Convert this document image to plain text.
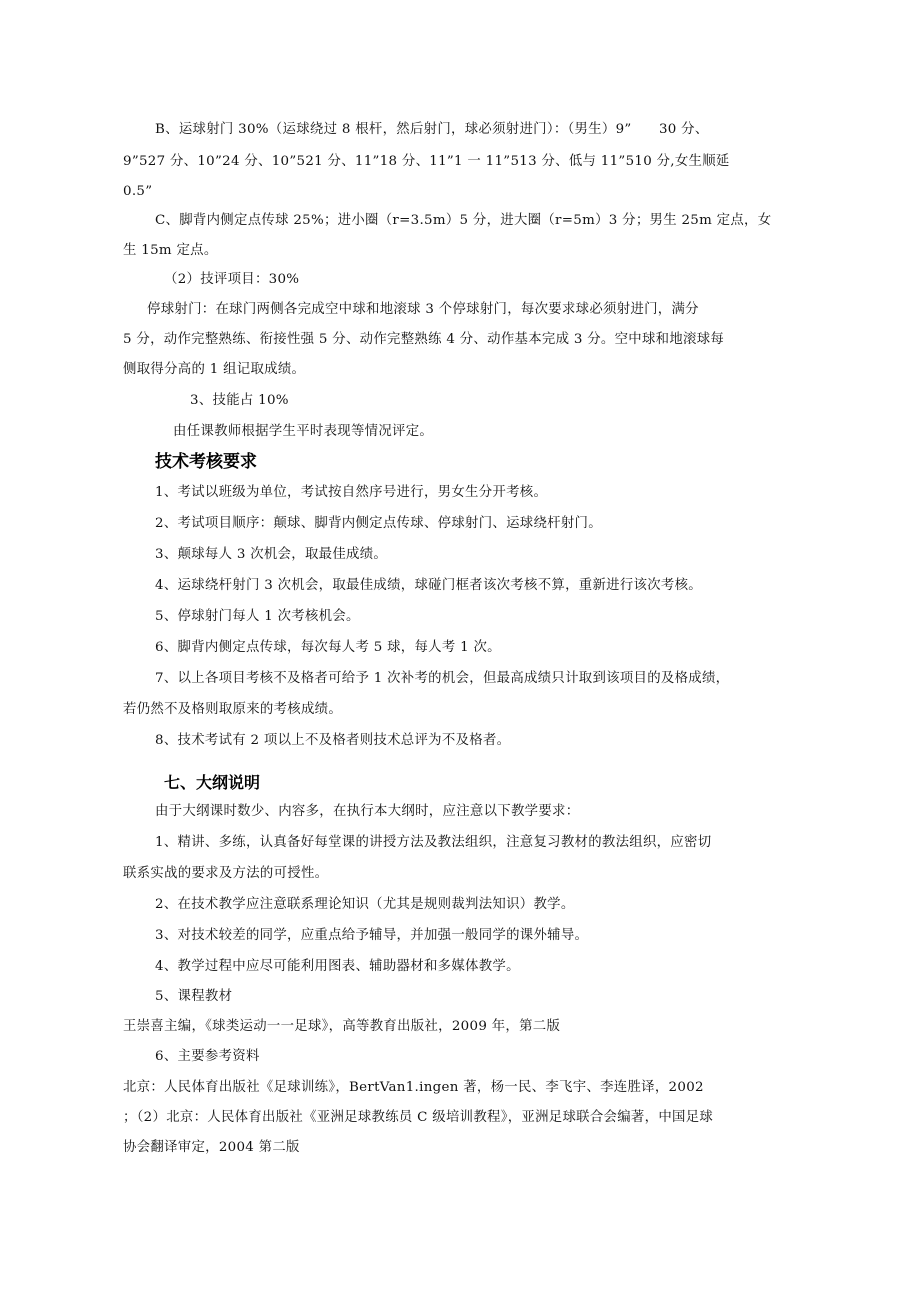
B、运球射门 30%（运球绕过 8 根杆，然后射门，球必须射进门）：（男生）9”　　30 分、
9”527 分、10”24 分、10”521 分、11”18 分、11”1 一 11”513 分、低与 11”510 分,女生顺延
0.5”
C、脚背内侧定点传球 25%；进小圈（r=3.5m）5 分，进大圈（r=5m）3 分；男生 25m 定点，女
生 15m 定点。
（2）技评项目：30%
停球射门：在球门两侧各完成空中球和地滚球 3 个停球射门，每次要求球必须射进门，满分
5 分，动作完整熟练、衔接性强 5 分、动作完整熟练 4 分、动作基本完成 3 分。空中球和地滚球每
侧取得分高的 1 组记取成绩。
3、技能占 10%
由任课教师根据学生平时表现等情况评定。
技术考核要求
1、考试以班级为单位，考试按自然序号进行，男女生分开考核。
2、考试项目顺序：颠球、脚背内侧定点传球、停球射门、运球绕杆射门。
3、颠球每人 3 次机会，取最佳成绩。
4、运球绕杆射门 3 次机会，取最佳成绩，球碰门框者该次考核不算，重新进行该次考核。
5、停球射门每人 1 次考核机会。
6、脚背内侧定点传球，每次每人考 5 球，每人考 1 次。
7、以上各项目考核不及格者可给予 1 次补考的机会，但最高成绩只计取到该项目的及格成绩，
若仍然不及格则取原来的考核成绩。
8、技术考试有 2 项以上不及格者则技术总评为不及格者。
七、大纲说明
由于大纲课时数少、内容多，在执行本大纲时，应注意以下教学要求：
1、精讲、多练，认真备好每堂课的讲授方法及教法组织，注意复习教材的教法组织，应密切
联系实战的要求及方法的可授性。
2、在技术教学应注意联系理论知识（尤其是规则裁判法知识）教学。
3、对技术较差的同学，应重点给予辅导，并加强一般同学的课外辅导。
4、教学过程中应尽可能利用图表、辅助器材和多媒体教学。
5、课程教材
王崇喜主编，《球类运动一一足球》，高等教育出版社，2009 年，第二版
6、主要参考资料
北京：人民体育出版社《足球训练》，BertVan1.ingen 著，杨一民、李飞宇、李连胜译，2002
；（2）北京：人民体育出版社《亚洲足球教练员 C 级培训教程》，亚洲足球联合会编著，中国足球
协会翻译审定，2004 第二版
